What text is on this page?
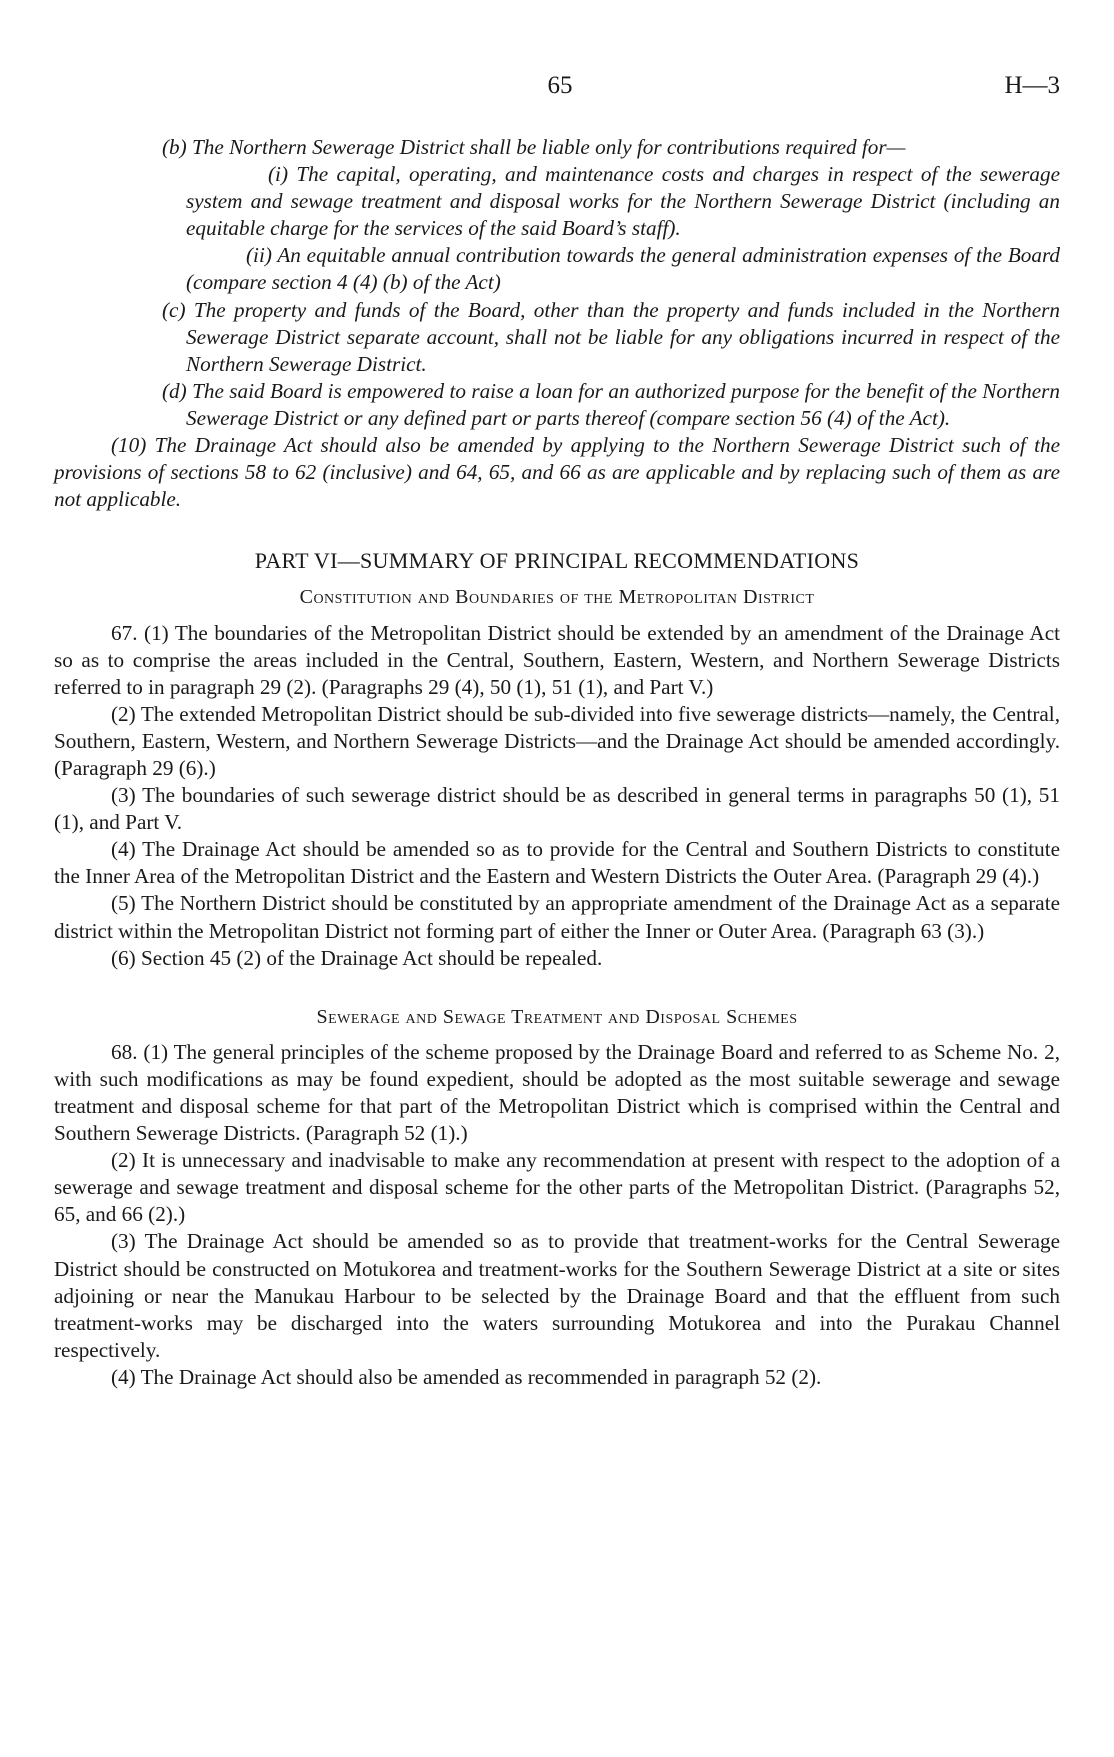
65	H—3

(b) The Northern Sewerage District shall be liable only for contributions required for—

(i) The capital, operating, and maintenance costs and charges in respect of the sewerage system and sewage treatment and disposal works for the Northern Sewerage District (including an equitable charge for the services of the said Board’s staff).

(ii) An equitable annual contribution towards the general administration expenses of the Board (compare section 4 (4) (b) of the Act)

(c) The property and funds of the Board, other than the property and funds included in the Northern Sewerage District separate account, shall not be liable for any obligations incurred in respect of the Northern Sewerage District.

(d) The said Board is empowered to raise a loan for an authorized purpose for the benefit of the Northern Sewerage District or any defined part or parts thereof (compare section 56 (4) of the Act).

(10) The Drainage Act should also be amended by applying to the Northern Sewerage District such of the provisions of sections 58 to 62 (inclusive) and 64, 65, and 66 as are applicable and by replacing such of them as are not applicable.

PART VI—SUMMARY OF PRINCIPAL RECOMMENDATIONS

Constitution and Boundaries of the Metropolitan District

67. (1) The boundaries of the Metropolitan District should be extended by an amendment of the Drainage Act so as to comprise the areas included in the Central, Southern, Eastern, Western, and Northern Sewerage Districts referred to in paragraph 29 (2). (Paragraphs 29 (4), 50 (1), 51 (1), and Part V.)

(2) The extended Metropolitan District should be sub-divided into five sewerage districts—namely, the Central, Southern, Eastern, Western, and Northern Sewerage Districts—and the Drainage Act should be amended accordingly. (Paragraph 29 (6).)

(3) The boundaries of such sewerage district should be as described in general terms in paragraphs 50 (1), 51 (1), and Part V.

(4) The Drainage Act should be amended so as to provide for the Central and Southern Districts to constitute the Inner Area of the Metropolitan District and the Eastern and Western Districts the Outer Area. (Paragraph 29 (4).)

(5) The Northern District should be constituted by an appropriate amendment of the Drainage Act as a separate district within the Metropolitan District not forming part of either the Inner or Outer Area. (Paragraph 63 (3).)

(6) Section 45 (2) of the Drainage Act should be repealed.

Sewerage and Sewage Treatment and Disposal Schemes

68. (1) The general principles of the scheme proposed by the Drainage Board and referred to as Scheme No. 2, with such modifications as may be found expedient, should be adopted as the most suitable sewerage and sewage treatment and disposal scheme for that part of the Metropolitan District which is comprised within the Central and Southern Sewerage Districts. (Paragraph 52 (1).)

(2) It is unnecessary and inadvisable to make any recommendation at present with respect to the adoption of a sewerage and sewage treatment and disposal scheme for the other parts of the Metropolitan District. (Paragraphs 52, 65, and 66 (2).)

(3) The Drainage Act should be amended so as to provide that treatment-works for the Central Sewerage District should be constructed on Motukorea and treatment-works for the Southern Sewerage District at a site or sites adjoining or near the Manukau Harbour to be selected by the Drainage Board and that the effluent from such treatment-works may be discharged into the waters surrounding Motukorea and into the Purakau Channel respectively.

(4) The Drainage Act should also be amended as recommended in paragraph 52 (2).
